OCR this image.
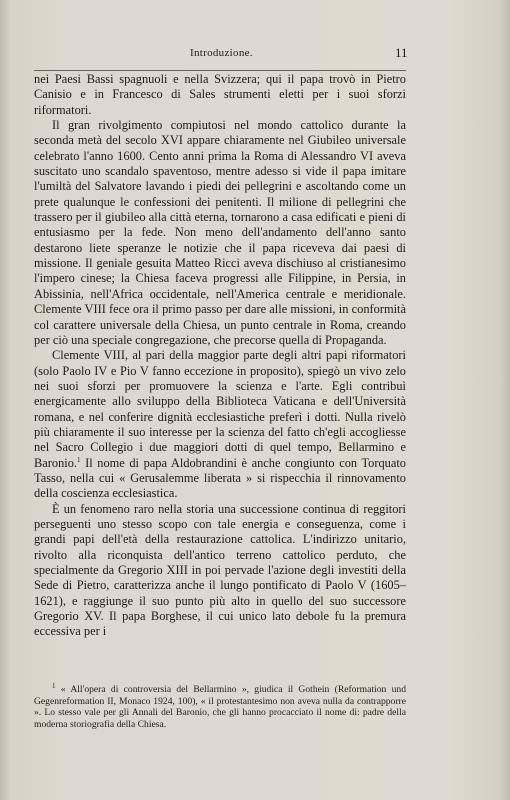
Introduzione.	11

nei Paesi Bassi spagnuoli e nella Svizzera; qui il papa trovò in Pietro Canisio e in Francesco di Sales strumenti eletti per i suoi sforzi riformatori.

Il gran rivolgimento compiutosi nel mondo cattolico durante la seconda metà del secolo XVI appare chiaramente nel Giubileo universale celebrato l'anno 1600. Cento anni prima la Roma di Alessandro VI aveva suscitato uno scandalo spaventoso, mentre adesso si vide il papa imitare l'umiltà del Salvatore lavando i piedi dei pellegrini e ascoltando come un prete qualunque le confessioni dei penitenti. Il milione di pellegrini che trassero per il giubileo alla città eterna, tornarono a casa edificati e pieni di entusiasmo per la fede. Non meno dell'andamento dell'anno santo destarono liete speranze le notizie che il papa riceveva dai paesi di missione. Il geniale gesuita Matteo Ricci aveva dischiuso al cristianesimo l'impero cinese; la Chiesa faceva progressi alle Filippine, in Persia, in Abissinia, nell'Africa occidentale, nell'America centrale e meridionale. Clemente VIII fece ora il primo passo per dare alle missioni, in conformità col carattere universale della Chiesa, un punto centrale in Roma, creando per ciò una speciale congregazione, che precorse quella di Propaganda.

Clemente VIII, al pari della maggior parte degli altri papi riformatori (solo Paolo IV e Pio V fanno eccezione in proposito), spiegò un vivo zelo nei suoi sforzi per promuovere la scienza e l'arte. Egli contribuì energicamente allo sviluppo della Biblioteca Vaticana e dell'Università romana, e nel conferire dignità ecclesiastiche preferì i dotti. Nulla rivelò più chiaramente il suo interesse per la scienza del fatto ch'egli accogliesse nel Sacro Collegio i due maggiori dotti di quel tempo, Bellarmino e Baronio.$^1$ Il nome di papa Aldobrandini è anche congiunto con Torquato Tasso, nella cui « Gerusalemme liberata » si rispecchia il rinnovamento della coscienza ecclesiastica.

È un fenomeno raro nella storia una successione continua di reggitori perseguenti uno stesso scopo con tale energia e conseguenza, come i grandi papi dell'età della restaurazione cattolica. L'indirizzo unitario, rivolto alla riconquista dell'antico terreno cattolico perduto, che specialmente da Gregorio XIII in poi pervade l'azione degli investiti della Sede di Pietro, caratterizza anche il lungo pontificato di Paolo V (1605–1621), e raggiunge il suo punto più alto in quello del suo successore Gregorio XV. Il papa Borghese, il cui unico lato debole fu la premura eccessiva per i

$^1$ « All'opera di controversia del Bellarmino », giudica il Gothein (Reformation und Gegenreformation II, Monaco 1924, 100), « il protestantesimo non aveva nulla da contrapporre ». Lo stesso vale per gli Annali del Baronio, che gli hanno procacciato il nome di: padre della moderna storiografia della Chiesa.
